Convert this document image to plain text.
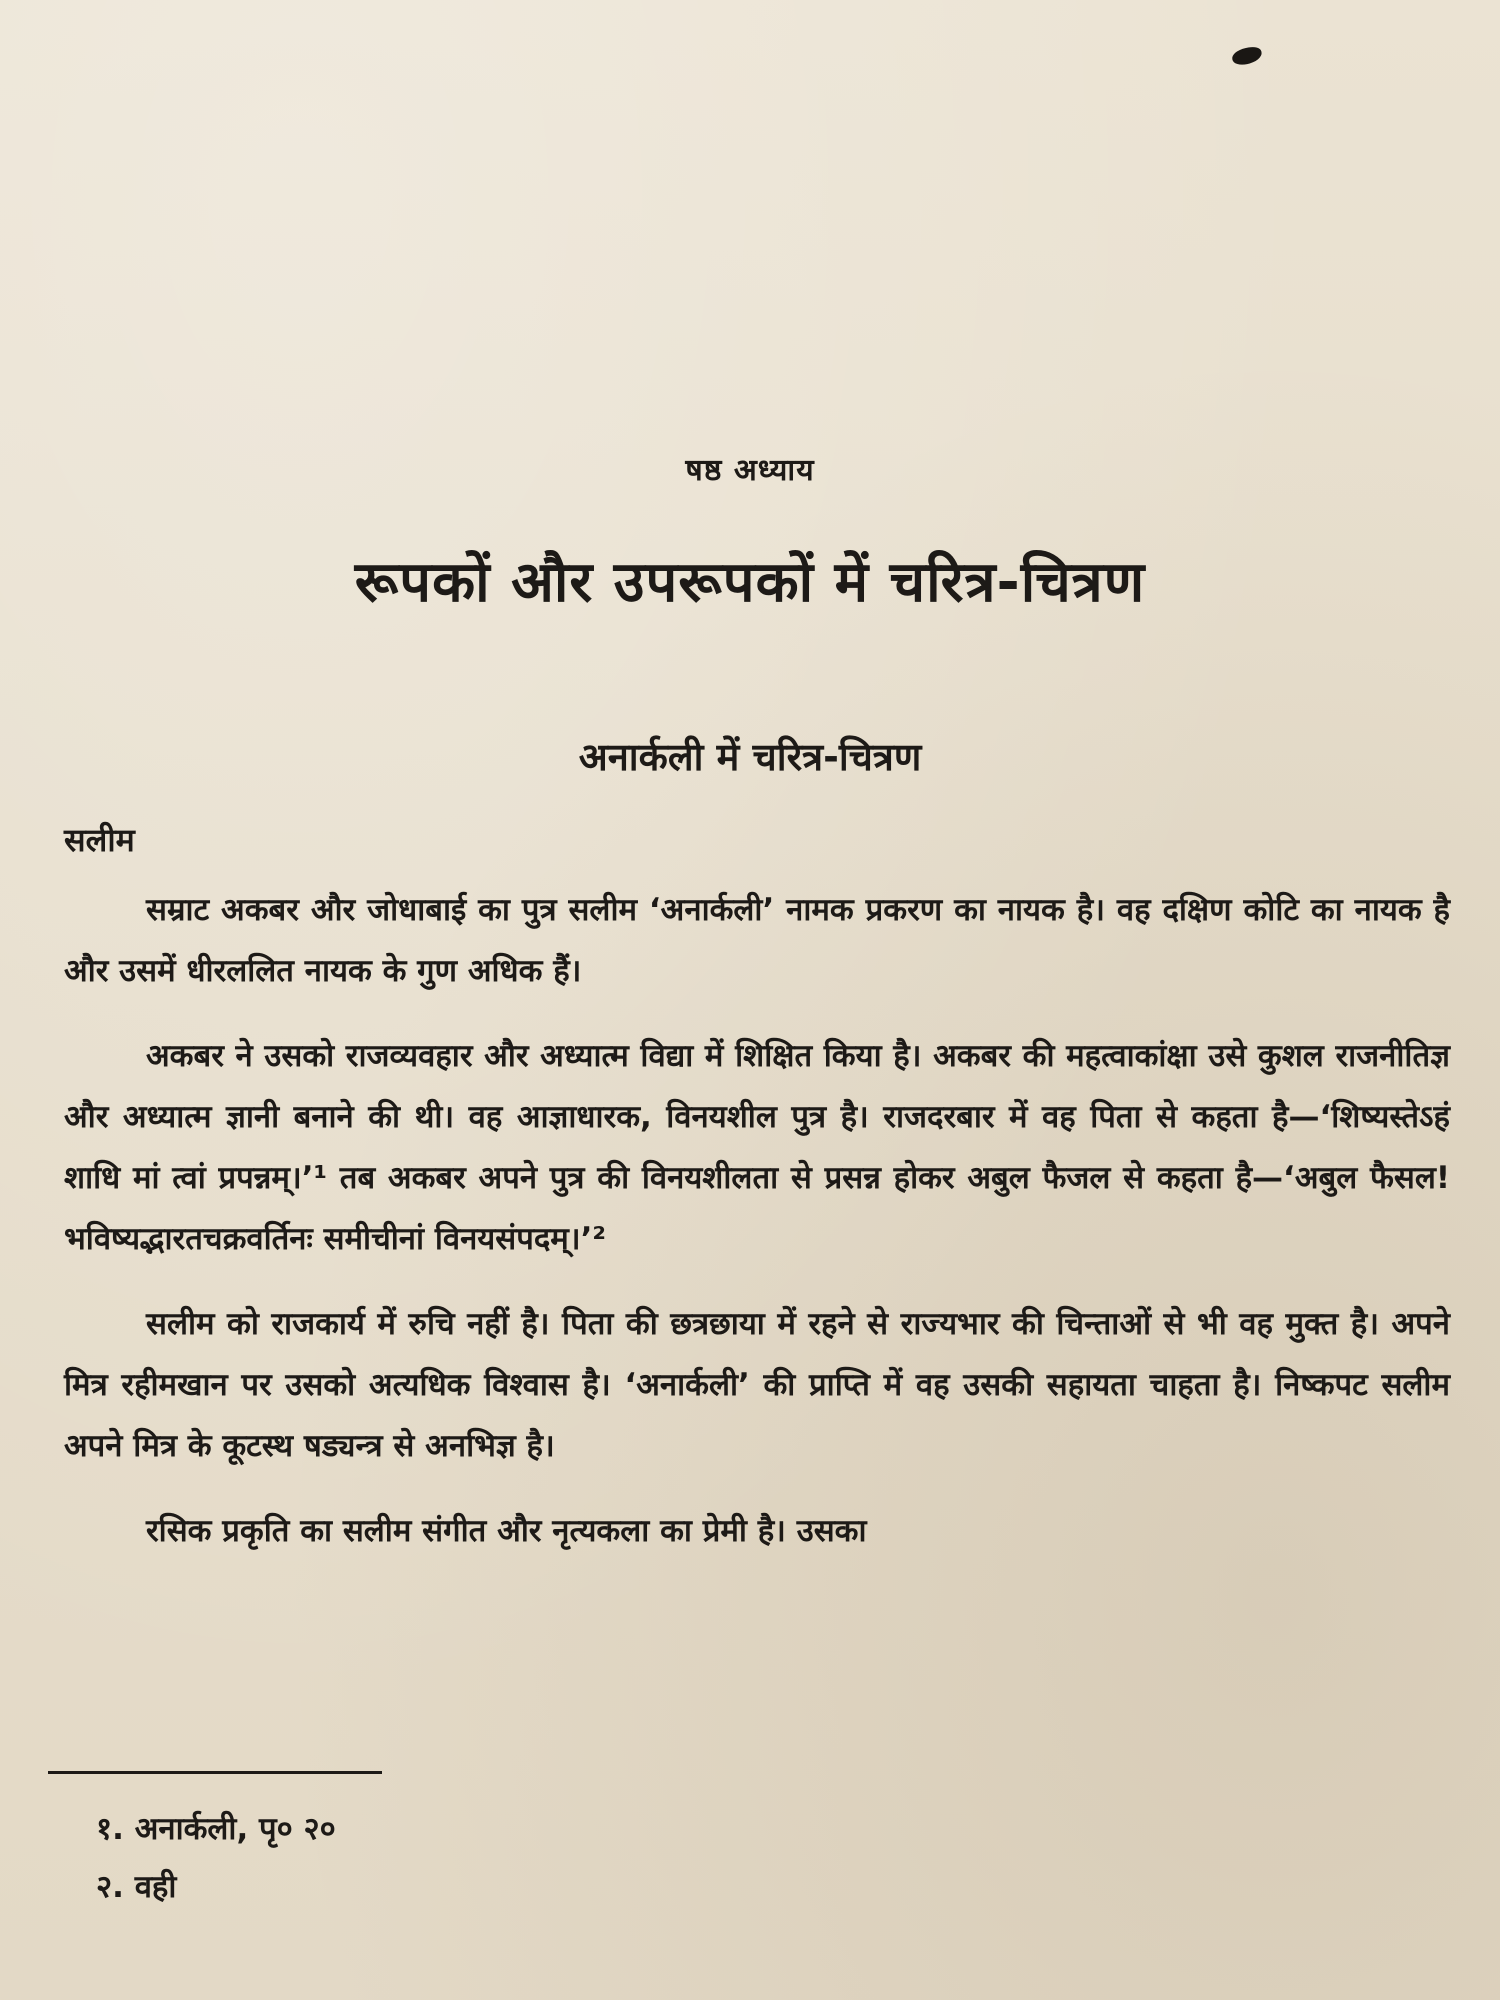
षष्ठ अध्याय
रूपकों और उपरूपकों में चरित्र-चित्रण
अनार्कली में चरित्र-चित्रण
सलीम

सम्राट अकबर और जोधाबाई का पुत्र सलीम ‘अनार्कली’ नामक प्रकरण का नायक है। वह दक्षिण कोटि का नायक है और उसमें धीरललित नायक के गुण अधिक हैं।

अकबर ने उसको राजव्यवहार और अध्यात्म विद्या में शिक्षित किया है। अकबर की महत्वाकांक्षा उसे कुशल राजनीतिज्ञ और अध्यात्म ज्ञानी बनाने की थी। वह आज्ञाधारक, विनयशील पुत्र है। राजदरबार में वह पिता से कहता है—‘शिष्यस्तेऽहं शाधि मां त्वां प्रपन्नम्।’¹ तब अकबर अपने पुत्र की विनयशीलता से प्रसन्न होकर अबुल फैजल से कहता है—‘अबुल फैसल! भविष्यद्भारतचक्रवर्तिनः समीचीनां विनयसंपदम्।’²

सलीम को राजकार्य में रुचि नहीं है। पिता की छत्रछाया में रहने से राज्यभार की चिन्ताओं से भी वह मुक्त है। अपने मित्र रहीमखान पर उसको अत्यधिक विश्वास है। ‘अनार्कली’ की प्राप्ति में वह उसकी सहायता चाहता है। निष्कपट सलीम अपने मित्र के कूटस्थ षड्यन्त्र से अनभिज्ञ है।

रसिक प्रकृति का सलीम संगीत और नृत्यकला का प्रेमी है। उसका

१. अनार्कली, पृ० २०
२. वही
